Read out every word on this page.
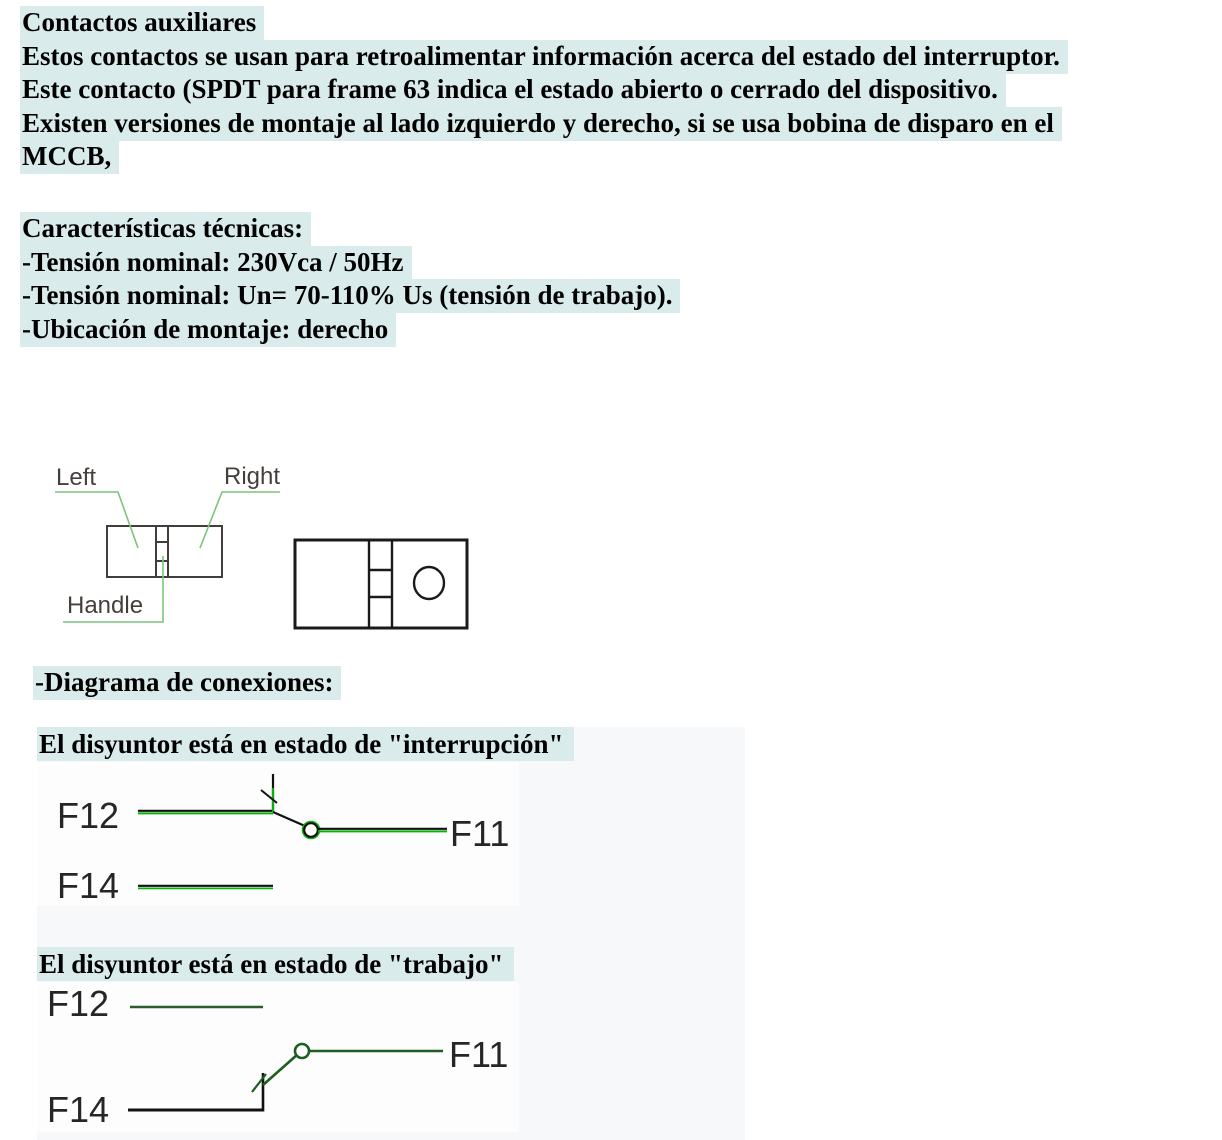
Contactos auxiliares
Estos contactos se usan para retroalimentar información acerca del estado del interruptor.
Este contacto (SPDT para frame 63 indica el estado abierto o cerrado del dispositivo.
Existen versiones de montaje al lado izquierdo y derecho, si se usa bobina de disparo en el
MCCB,
Características técnicas:
-Tensión nominal: 230Vca / 50Hz
-Tensión nominal: Un= 70-110% Us (tensión de trabajo).
-Ubicación de montaje: derecho
Left	Right
Handle
-Diagrama de conexiones:
El disyuntor está en estado de "interrupción"
F12	F11
F14
El disyuntor está en estado de "trabajo"
F12
F11
F14
